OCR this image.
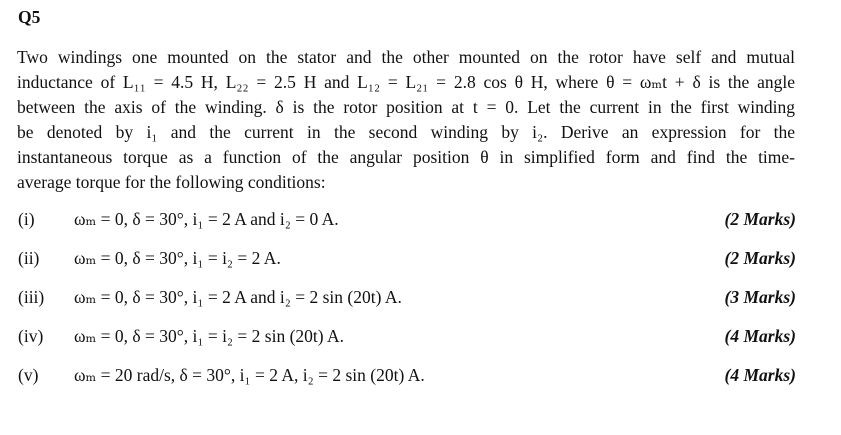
Q5
Two windings one mounted on the stator and the other mounted on the rotor have self and mutual
inductance of L₁₁ = 4.5 H, L₂₂ = 2.5 H and L₁₂ = L₂₁ = 2.8 cos θ H, where θ = ωₘt + δ is the angle
between the axis of the winding. δ is the rotor position at t = 0. Let the current in the first winding
be denoted by i₁ and the current in the second winding by i₂. Derive an expression for the
instantaneous torque as a function of the angular position θ in simplified form and find the time-
average torque for the following conditions:
(i) ωₘ = 0, δ = 30°, i₁ = 2 A and i₂ = 0 A.	(2 Marks)
(ii) ωₘ = 0, δ = 30°, i₁ = i₂ = 2 A.	(2 Marks)
(iii) ωₘ = 0, δ = 30°, i₁ = 2 A and i₂ = 2 sin (20t) A.	(3 Marks)
(iv) ωₘ = 0, δ = 30°, i₁ = i₂ = 2 sin (20t) A.	(4 Marks)
(v) ωₘ = 20 rad/s, δ = 30°, i₁ = 2 A, i₂ = 2 sin (20t) A.	(4 Marks)
